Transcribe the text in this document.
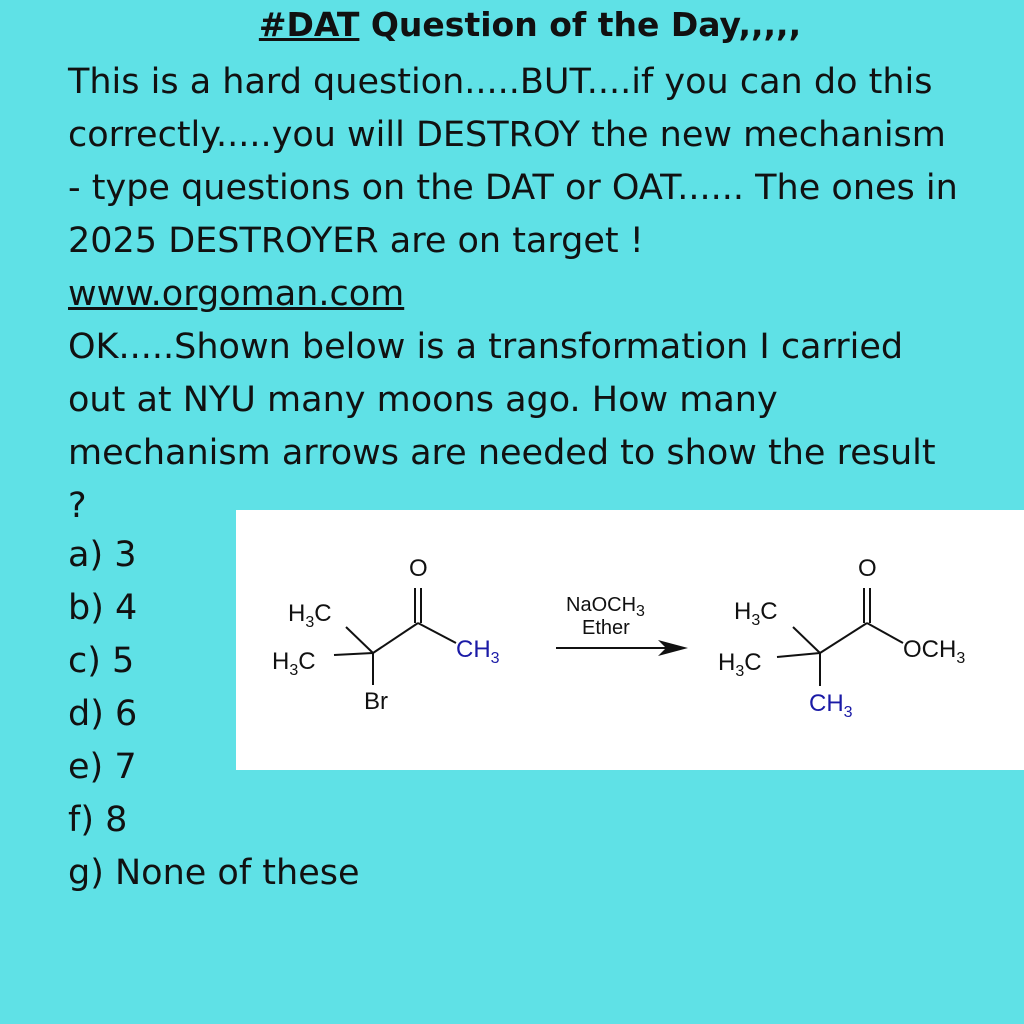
#DAT Question of the Day,,,,,
This is a hard question.....BUT....if you can do this
correctly.....you will DESTROY the new mechanism
- type questions on the DAT or OAT...... The ones in
2025 DESTROYER are on target !
www.orgoman.com
OK.....Shown below is a transformation I carried
out at NYU many moons ago. How many
mechanism arrows are needed to show the result
?
a) 3
b) 4
c) 5
d) 6
e) 7
f) 8
g) None of these
O
$H_3C$
$H_3C$	$CH_3$
Br
NaOCH$_3$
Ether
O
$H_3C$
$H_3C$	$OCH_3$
$CH_3$
